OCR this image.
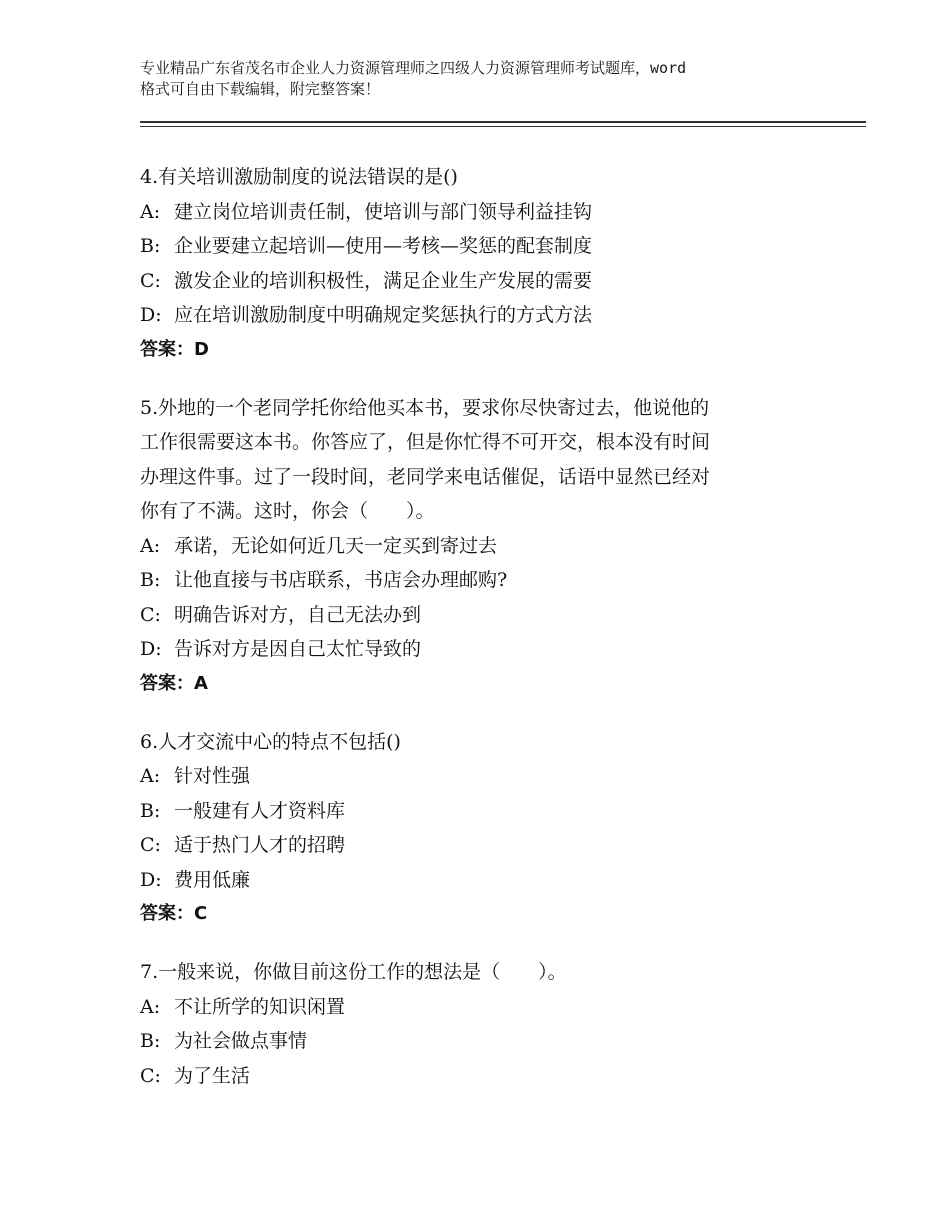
专业精品广东省茂名市企业人力资源管理师之四级人力资源管理师考试题库，word
格式可自由下载编辑，附完整答案！
4.有关培训激励制度的说法错误的是()
A: 建立岗位培训责任制，使培训与部门领导利益挂钩
B: 企业要建立起培训—使用—考核—奖惩的配套制度
C: 激发企业的培训积极性，满足企业生产发展的需要
D: 应在培训激励制度中明确规定奖惩执行的方式方法
答案：D
5.外地的一个老同学托你给他买本书，要求你尽快寄过去，他说他的
工作很需要这本书。你答应了，但是你忙得不可开交，根本没有时间
办理这件事。过了一段时间，老同学来电话催促，话语中显然已经对
你有了不满。这时，你会（　　）。
A: 承诺，无论如何近几天一定买到寄过去
B: 让他直接与书店联系，书店会办理邮购?
C: 明确告诉对方，自己无法办到
D: 告诉对方是因自己太忙导致的
答案：A
6.人才交流中心的特点不包括()
A: 针对性强
B: 一般建有人才资料库
C: 适于热门人才的招聘
D: 费用低廉
答案：C
7.一般来说，你做目前这份工作的想法是（　　）。
A: 不让所学的知识闲置
B: 为社会做点事情
C: 为了生活
